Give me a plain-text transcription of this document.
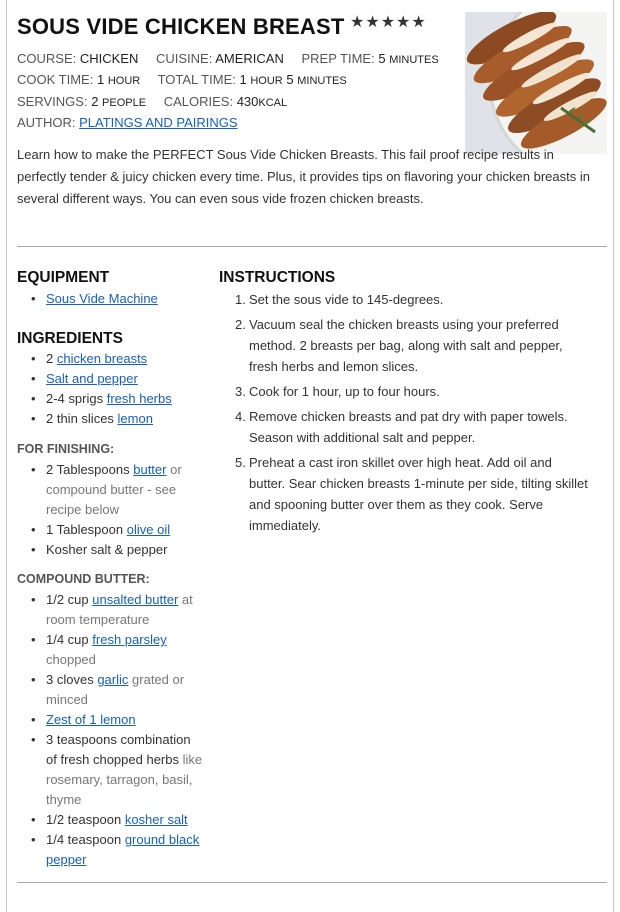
SOUS VIDE CHICKEN BREAST ★★★★★
COURSE: CHICKEN CUISINE: AMERICAN PREP TIME: 5 MINUTES
COOK TIME: 1 HOUR TOTAL TIME: 1 HOUR 5 MINUTES
SERVINGS: 2 PEOPLE CALORIES: 430KCAL
AUTHOR: PLATINGS AND PAIRINGS
Learn how to make the PERFECT Sous Vide Chicken Breasts. This fail proof recipe results in perfectly tender & juicy chicken every time. Plus, it provides tips on flavoring your chicken breasts in several different ways. You can even sous vide frozen chicken breasts.
EQUIPMENT
• Sous Vide Machine
INGREDIENTS
• 2 chicken breasts
• Salt and pepper
• 2-4 sprigs fresh herbs
• 2 thin slices lemon
FOR FINISHING:
• 2 Tablespoons butter or
compound butter - see
recipe below
• 1 Tablespoon olive oil
• Kosher salt & pepper
COMPOUND BUTTER:
• 1/2 cup unsalted butter at
room temperature
• 1/4 cup fresh parsley
chopped
• 3 cloves garlic grated or
minced
• Zest of 1 lemon
• 3 teaspoons combination
of fresh chopped herbs like
rosemary, tarragon, basil,
thyme
• 1/2 teaspoon kosher salt
• 1/4 teaspoon ground black
pepper
INSTRUCTIONS
1. Set the sous vide to 145-degrees.
2. Vacuum seal the chicken breasts using your preferred
method. 2 breasts per bag, along with salt and pepper,
fresh herbs and lemon slices.
3. Cook for 1 hour, up to four hours.
4. Remove chicken breasts and pat dry with paper towels.
Season with additional salt and pepper.
5. Preheat a cast iron skillet over high heat. Add oil and
butter. Sear chicken breasts 1-minute per side, tilting skillet
and spooning butter over them as they cook. Serve
immediately.
